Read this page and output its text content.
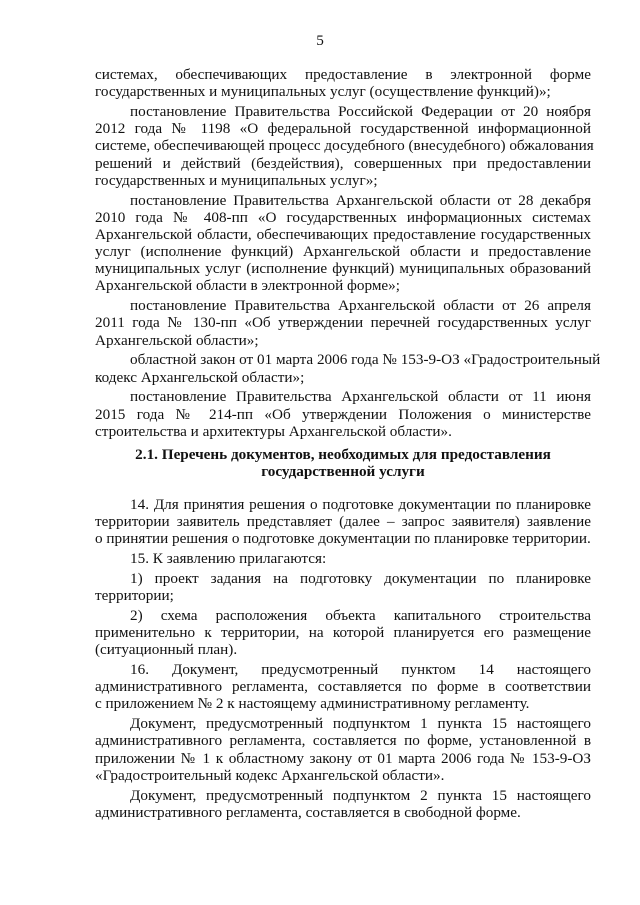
5
системах, обеспечивающих предоставление в электронной форме
государственных и муниципальных услуг (осуществление функций)»;
постановление Правительства Российской Федерации от 20 ноября
2012 года № 1198 «О федеральной государственной информационной
системе, обеспечивающей процесс досудебного (внесудебного) обжалования
решений и действий (бездействия), совершенных при предоставлении
государственных и муниципальных услуг»;
постановление Правительства Архангельской области от 28 декабря
2010 года № 408-пп «О государственных информационных системах
Архангельской области, обеспечивающих предоставление государственных
услуг (исполнение функций) Архангельской области и предоставление
муниципальных услуг (исполнение функций) муниципальных образований
Архангельской области в электронной форме»;
постановление Правительства Архангельской области от 26 апреля
2011 года № 130-пп «Об утверждении перечней государственных услуг
Архангельской области»;
областной закон от 01 марта 2006 года № 153-9-ОЗ «Градостроительный
кодекс Архангельской области»;
постановление Правительства Архангельской области от 11 июня
2015 года № 214-пп «Об утверждении Положения о министерстве
строительства и архитектуры Архангельской области».
2.1. Перечень документов, необходимых для предоставления
государственной услуги
14. Для принятия решения о подготовке документации по планировке
территории заявитель представляет (далее – запрос заявителя) заявление
о принятии решения о подготовке документации по планировке территории.
15. К заявлению прилагаются:
1) проект задания на подготовку документации по планировке
территории;
2) схема расположения объекта капитального строительства
применительно к территории, на которой планируется его размещение
(ситуационный план).
16. Документ, предусмотренный пунктом 14 настоящего
административного регламента, составляется по форме в соответствии
с приложением № 2 к настоящему административному регламенту.
Документ, предусмотренный подпунктом 1 пункта 15 настоящего
административного регламента, составляется по форме, установленной в
приложении № 1 к областному закону от 01 марта 2006 года № 153-9-ОЗ
«Градостроительный кодекс Архангельской области».
Документ, предусмотренный подпунктом 2 пункта 15 настоящего
административного регламента, составляется в свободной форме.
